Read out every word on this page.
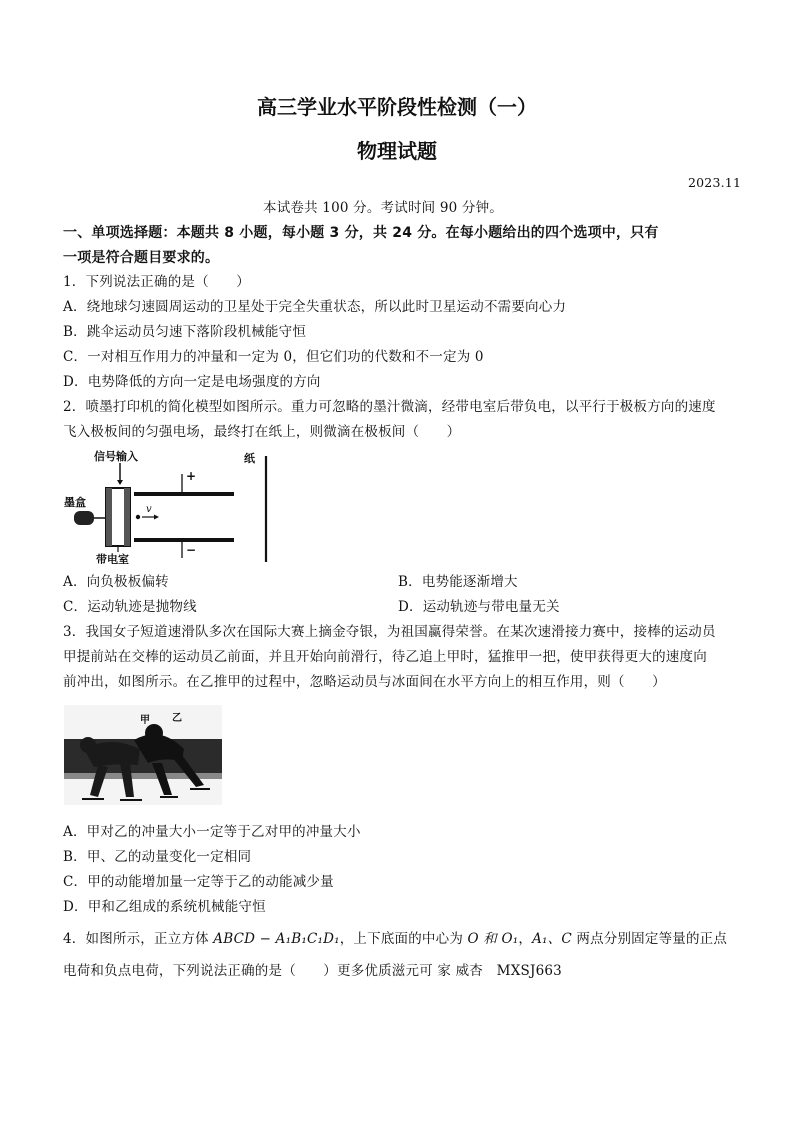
高三学业水平阶段性检测（一）
物理试题
2023.11
本试卷共 100 分。考试时间 90 分钟。
一、单项选择题：本题共 8 小题，每小题 3 分，共 24 分。在每小题给出的四个选项中，只有
一项是符合题目要求的。
1．下列说法正确的是（　　）
A．绕地球匀速圆周运动的卫星处于完全失重状态，所以此时卫星运动不需要向心力
B．跳伞运动员匀速下落阶段机械能守恒
C．一对相互作用力的冲量和一定为 0，但它们功的代数和不一定为 0
D．电势降低的方向一定是电场强度的方向
2．喷墨打印机的简化模型如图所示。重力可忽略的墨汁微滴，经带电室后带负电，以平行于极板方向的速度
飞入极板间的匀强电场，最终打在纸上，则微滴在极板间（　　）
信号输入
墨盒
带电室
+
−
v
纸
A．向负极板偏转	B．电势能逐渐增大
C．运动轨迹是抛物线	D．运动轨迹与带电量无关
3．我国女子短道速滑队多次在国际大赛上摘金夺银，为祖国赢得荣誉。在某次速滑接力赛中，接棒的运动员
甲提前站在交棒的运动员乙前面，并且开始向前滑行，待乙追上甲时，猛推甲一把，使甲获得更大的速度向
前冲出，如图所示。在乙推甲的过程中，忽略运动员与冰面间在水平方向上的相互作用，则（　　）
乙
甲
A．甲对乙的冲量大小一定等于乙对甲的冲量大小
B．甲、乙的动量变化一定相同
C．甲的动能增加量一定等于乙的动能减少量
D．甲和乙组成的系统机械能守恒
4．如图所示，正立方体 ABCD − A₁B₁C₁D₁，上下底面的中心为 O 和 O₁，A₁、C 两点分别固定等量的正点
电荷和负点电荷，下列说法正确的是（　　）更多优质滋元可 家 威杏　MXSJ663
